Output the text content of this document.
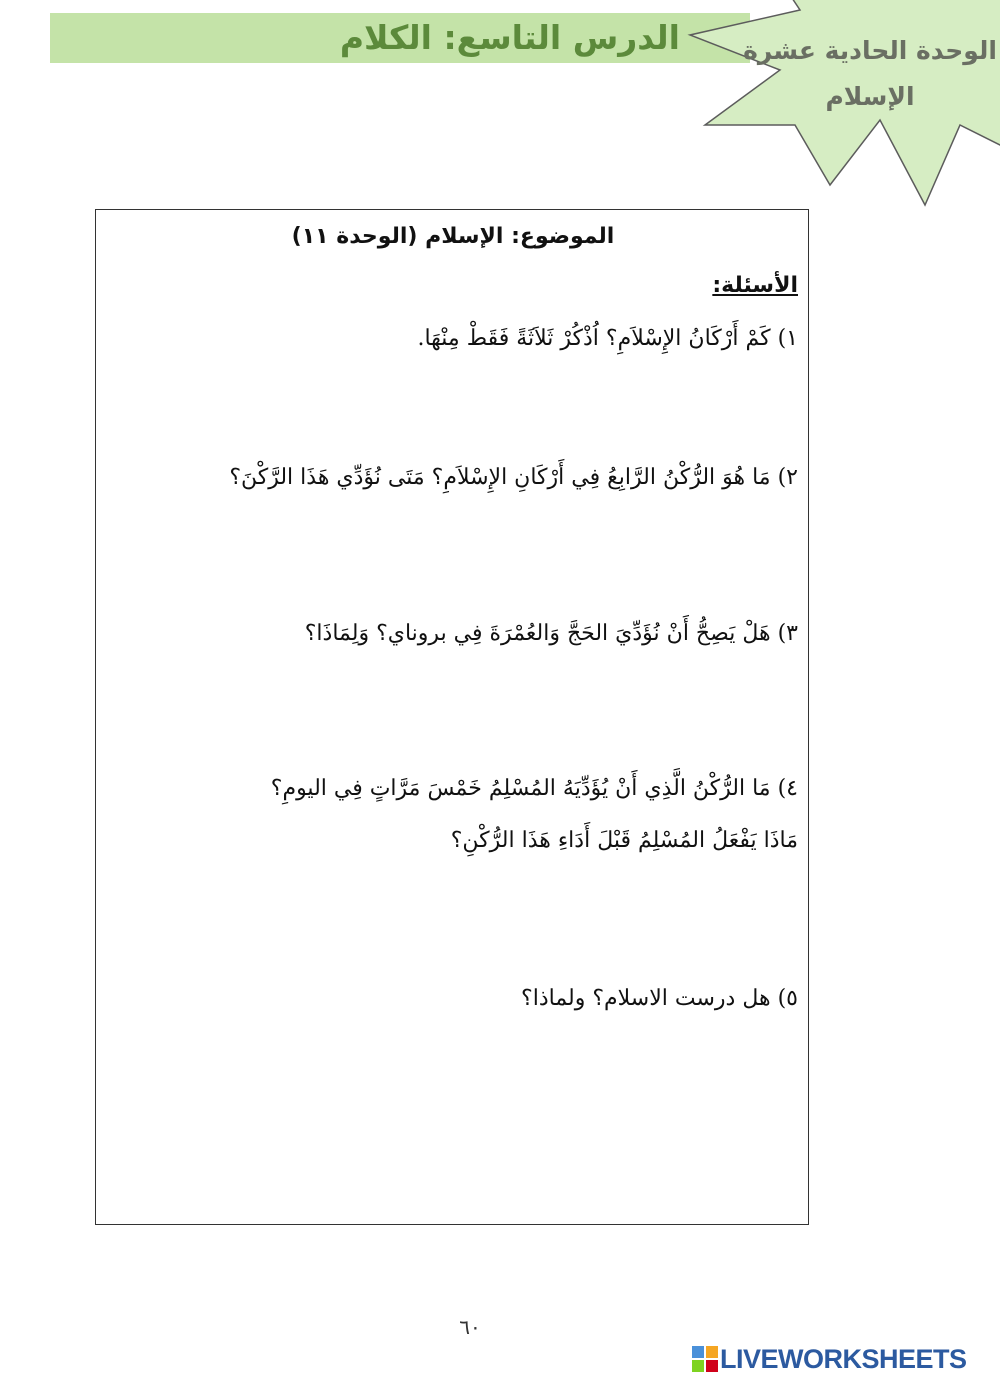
الدرس التاسع: الكلام	الوحدة الحادية عشرة
الإسلام
الموضوع: الإسلام (الوحدة ١١)
الأسئلة:
١) كَمْ أَرْكَانُ الإِسْلاَمِ؟ اُذْكُرْ ثَلاَثَةً فَقَطْ مِنْهَا.
٢) مَا هُوَ الرُّكْنُ الرَّابِعُ فِي أَرْكَانِ الإِسْلاَمِ؟ مَتَى نُؤَدِّي هَذَا الرَّكْنَ؟
٣) هَلْ يَصِحُّ أَنْ نُؤَدِّيَ الحَجَّ وَالعُمْرَةَ فِي بروناي؟ وَلِمَاذَا؟
٤) مَا الرُّكْنُ الَّذِي أَنْ يُؤَدِّيَهُ المُسْلِمُ خَمْسَ مَرَّاتٍ فِي اليومِ؟
مَاذَا يَفْعَلُ المُسْلِمُ قَبْلَ أَدَاءِ هَذَا الرُّكْنِ؟
٥) هل درست الاسلام؟ ولماذا؟
٦٠
LIVEWORKSHEETS
